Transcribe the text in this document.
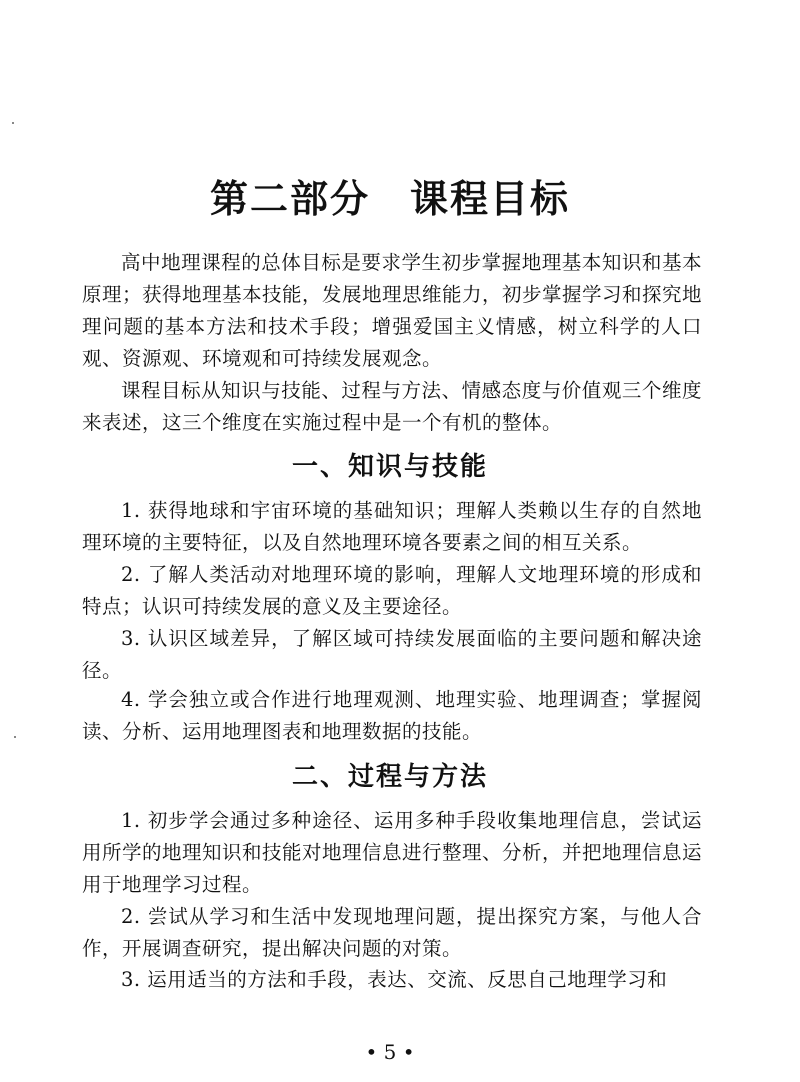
第二部分　课程目标

高中地理课程的总体目标是要求学生初步掌握地理基本知识和基本原理；获得地理基本技能，发展地理思维能力，初步掌握学习和探究地理问题的基本方法和技术手段；增强爱国主义情感，树立科学的人口观、资源观、环境观和可持续发展观念。

课程目标从知识与技能、过程与方法、情感态度与价值观三个维度来表述，这三个维度在实施过程中是一个有机的整体。

一、知识与技能

1. 获得地球和宇宙环境的基础知识；理解人类赖以生存的自然地理环境的主要特征，以及自然地理环境各要素之间的相互关系。

2. 了解人类活动对地理环境的影响，理解人文地理环境的形成和特点；认识可持续发展的意义及主要途径。

3. 认识区域差异，了解区域可持续发展面临的主要问题和解决途径。

4. 学会独立或合作进行地理观测、地理实验、地理调查；掌握阅读、分析、运用地理图表和地理数据的技能。

二、过程与方法

1. 初步学会通过多种途径、运用多种手段收集地理信息，尝试运用所学的地理知识和技能对地理信息进行整理、分析，并把地理信息运用于地理学习过程。

2. 尝试从学习和生活中发现地理问题，提出探究方案，与他人合作，开展调查研究，提出解决问题的对策。

3. 运用适当的方法和手段，表达、交流、反思自己地理学习和

• 5 •
